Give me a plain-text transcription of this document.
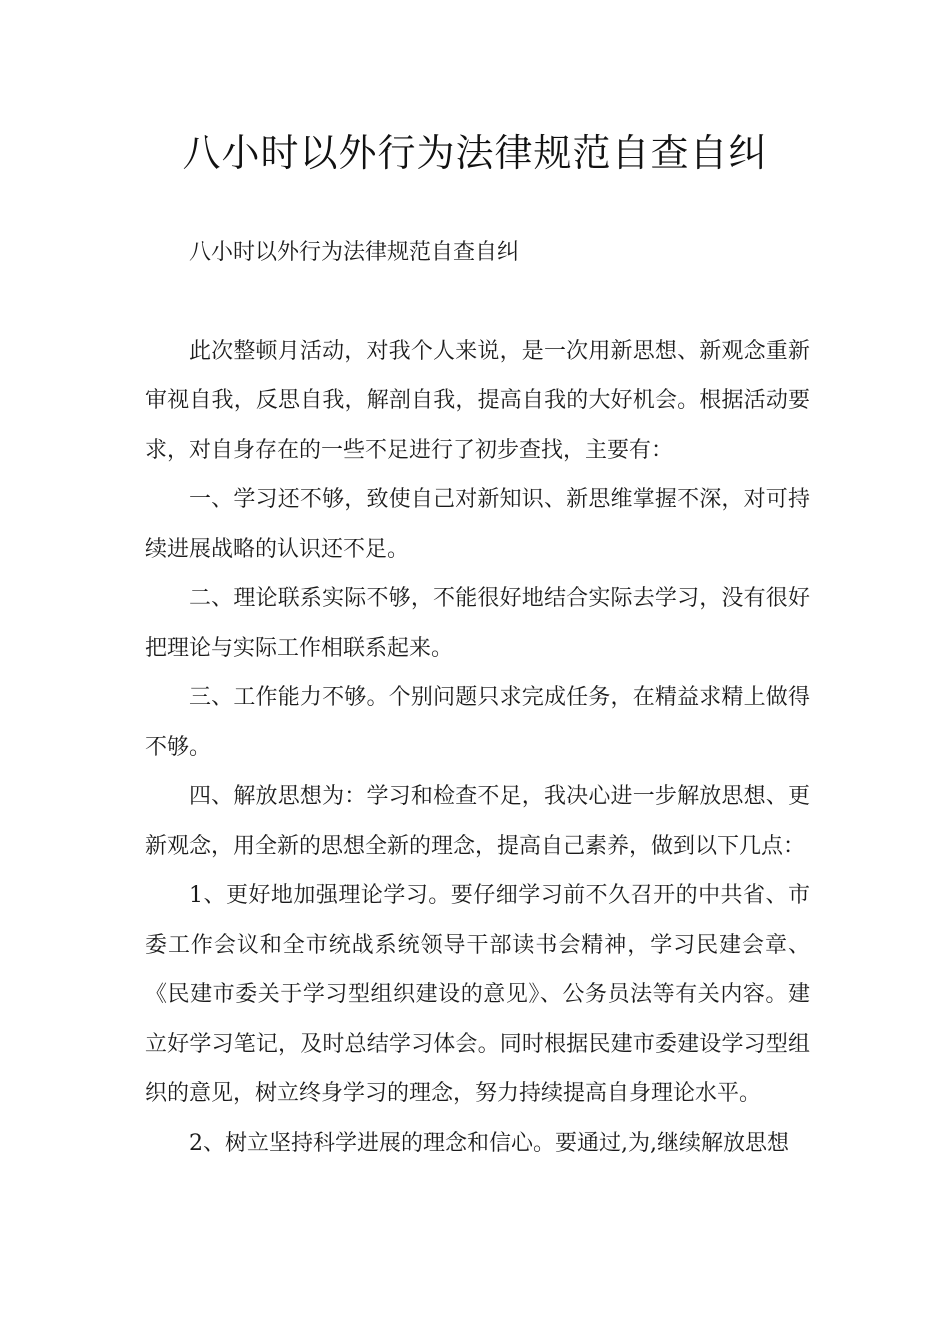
八小时以外行为法律规范自查自纠

八小时以外行为法律规范自查自纠

此次整顿月活动，对我个人来说，是一次用新思想、新观念重新审视自我，反思自我，解剖自我，提高自我的大好机会。根据活动要求，对自身存在的一些不足进行了初步查找，主要有：

一、学习还不够，致使自己对新知识、新思维掌握不深，对可持续进展战略的认识还不足。

二、理论联系实际不够，不能很好地结合实际去学习，没有很好把理论与实际工作相联系起来。

三、工作能力不够。个别问题只求完成任务，在精益求精上做得不够。

四、解放思想为：学习和检查不足，我决心进一步解放思想、更新观念，用全新的思想全新的理念，提高自己素养，做到以下几点：

1、更好地加强理论学习。要仔细学习前不久召开的中共省、市委工作会议和全市统战系统领导干部读书会精神，学习民建会章、《民建市委关于学习型组织建设的意见》、公务员法等有关内容。建立好学习笔记，及时总结学习体会。同时根据民建市委建设学习型组织的意见，树立终身学习的理念，努力持续提高自身理论水平。

2、树立坚持科学进展的理念和信心。要通过,为,继续解放思想
